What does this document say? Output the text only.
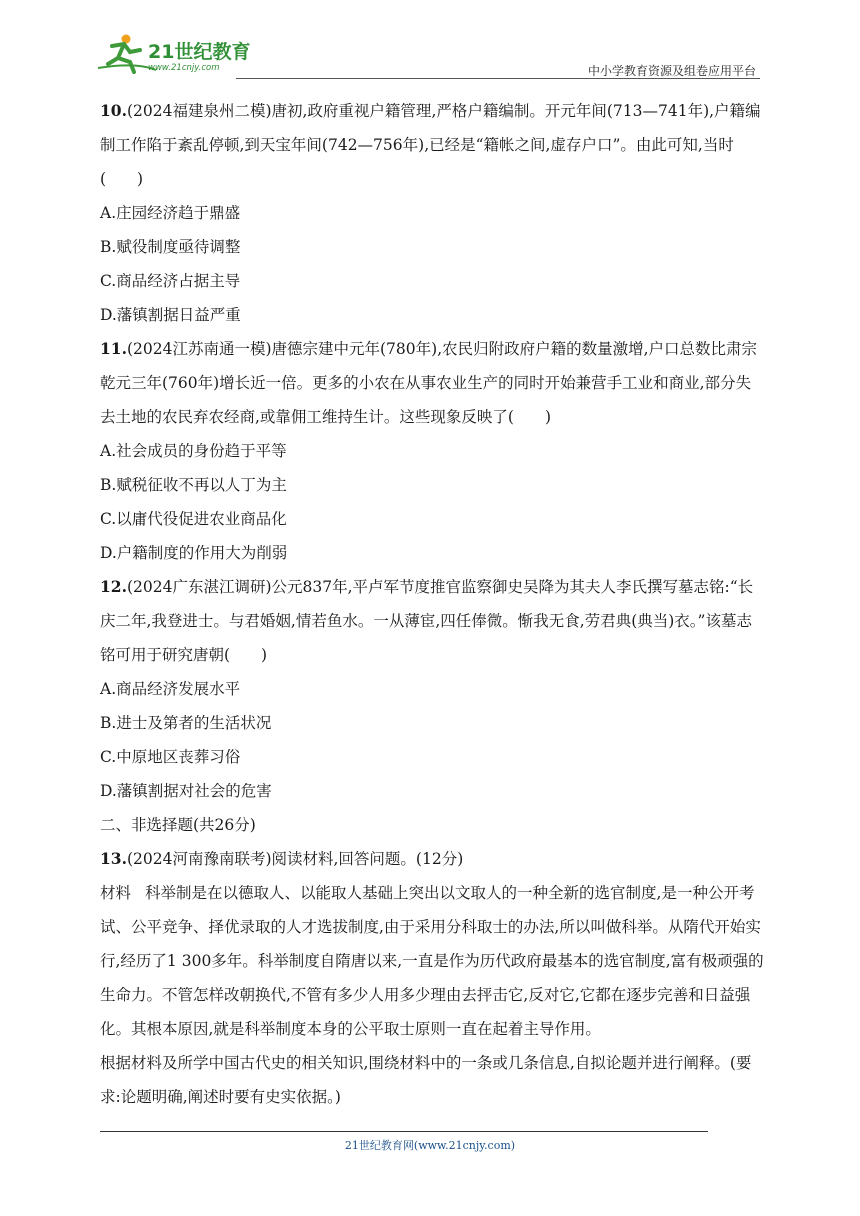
21世纪教育
www.21cnjy.com	中小学教育资源及组卷应用平台

10.(2024福建泉州二模)唐初,政府重视户籍管理,严格户籍编制。开元年间(713—741年),户籍编制工作陷于紊乱停顿,到天宝年间(742—756年),已经是“籍帐之间,虚存户口”。由此可知,当时(　　)

A.庄园经济趋于鼎盛

B.赋役制度亟待调整

C.商品经济占据主导

D.藩镇割据日益严重

11.(2024江苏南通一模)唐德宗建中元年(780年),农民归附政府户籍的数量激增,户口总数比肃宗乾元三年(760年)增长近一倍。更多的小农在从事农业生产的同时开始兼营手工业和商业,部分失去土地的农民弃农经商,或靠佣工维持生计。这些现象反映了(　　)

A.社会成员的身份趋于平等

B.赋税征收不再以人丁为主

C.以庸代役促进农业商品化

D.户籍制度的作用大为削弱

12.(2024广东湛江调研)公元837年,平卢军节度推官监察御史吴降为其夫人李氏撰写墓志铭:“长庆二年,我登进士。与君婚姻,情若鱼水。一从薄宦,四任俸微。惭我无食,劳君典(典当)衣。”该墓志铭可用于研究唐朝(　　)

A.商品经济发展水平

B.进士及第者的生活状况

C.中原地区丧葬习俗

D.藩镇割据对社会的危害

二、非选择题(共26分)

13.(2024河南豫南联考)阅读材料,回答问题。(12分)

材料 科举制是在以德取人、以能取人基础上突出以文取人的一种全新的选官制度,是一种公开考试、公平竞争、择优录取的人才选拔制度,由于采用分科取士的办法,所以叫做科举。从隋代开始实行,经历了1 300多年。科举制度自隋唐以来,一直是作为历代政府最基本的选官制度,富有极顽强的生命力。不管怎样改朝换代,不管有多少人用多少理由去抨击它,反对它,它都在逐步完善和日益强化。其根本原因,就是科举制度本身的公平取士原则一直在起着主导作用。

根据材料及所学中国古代史的相关知识,围绕材料中的一条或几条信息,自拟论题并进行阐释。(要求:论题明确,阐述时要有史实依据。)

21世纪教育网(www.21cnjy.com)
